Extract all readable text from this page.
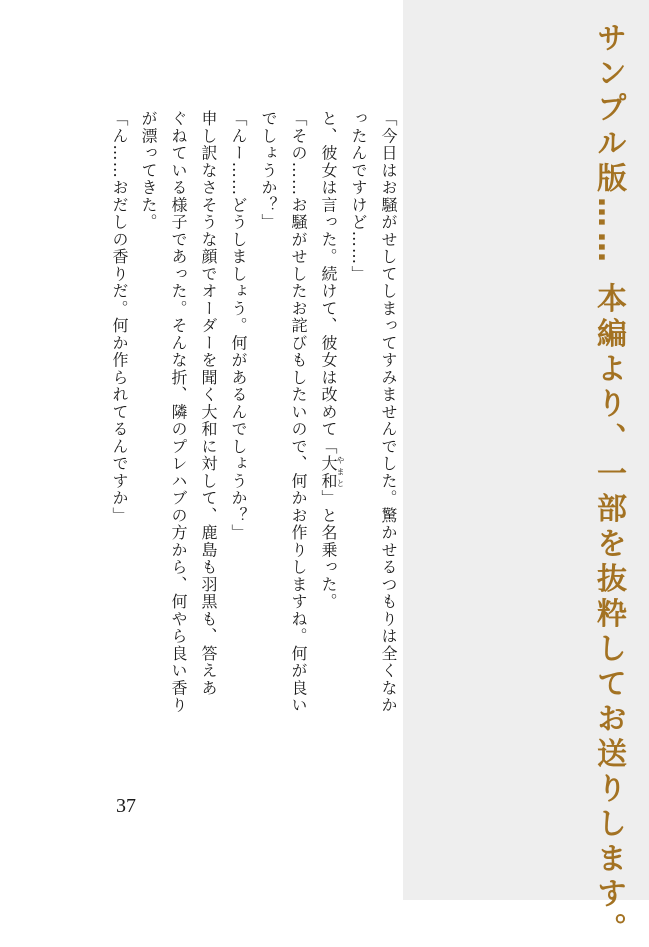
サンプル版…… 本編より、一部を抜粋してお送りします。
「今日はお騒がせしてしまってすみませんでした。驚かせるつもりは全くなか
ったんですけど……」
と、彼女は言った。続けて、彼女は改めて「大和やまと」と名乗った。
「その……お騒がせしたお詫びもしたいので、何かお作りしますね。何が良い
でしょうか？」
「んー……どうしましょう。何があるんでしょうか？」
申し訳なさそうな顔でオーダーを聞く大和に対して、鹿島も羽黒も、答えあ
ぐねている様子であった。そんな折、隣のプレハブの方から、何やら良い香り
が漂ってきた。
「ん……おだしの香りだ。何か作られてるんですか」
37
